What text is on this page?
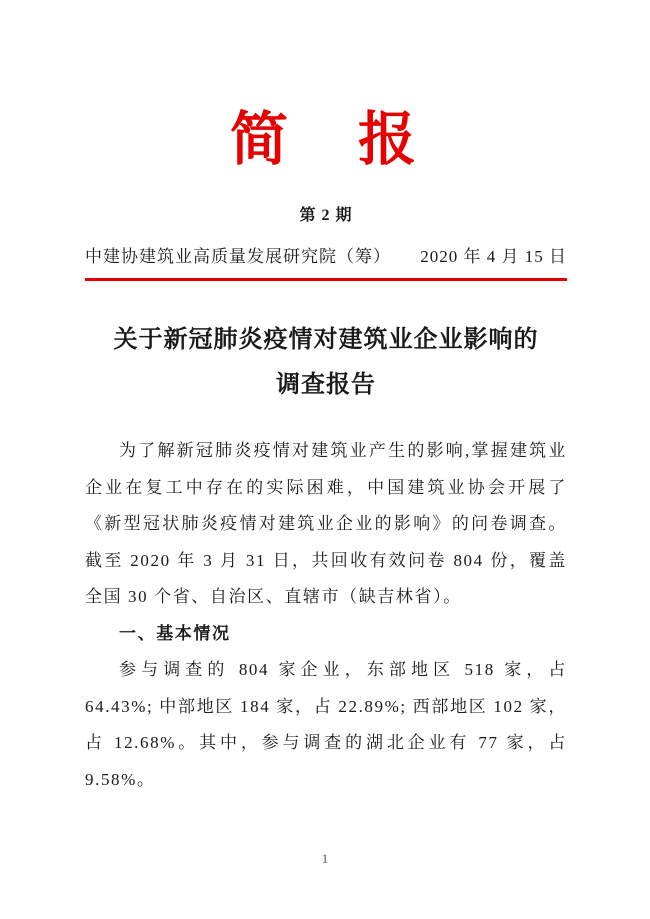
简　报
第 2 期
中建协建筑业高质量发展研究院（筹） 2020 年 4 月 15 日
关于新冠肺炎疫情对建筑业企业影响的
调查报告

为了解新冠肺炎疫情对建筑业产生的影响,掌握建筑业企业在复工中存在的实际困难，中国建筑业协会开展了《新型冠状肺炎疫情对建筑业企业的影响》的问卷调查。截至 2020 年 3 月 31 日，共回收有效问卷 804 份，覆盖全国 30 个省、自治区、直辖市（缺吉林省）。

一、基本情况

参与调查的 804 家企业，东部地区 518 家，占 64.43%; 中部地区 184 家，占 22.89%; 西部地区 102 家，占 12.68%。其中，参与调查的湖北企业有 77 家，占 9.58%。

1
